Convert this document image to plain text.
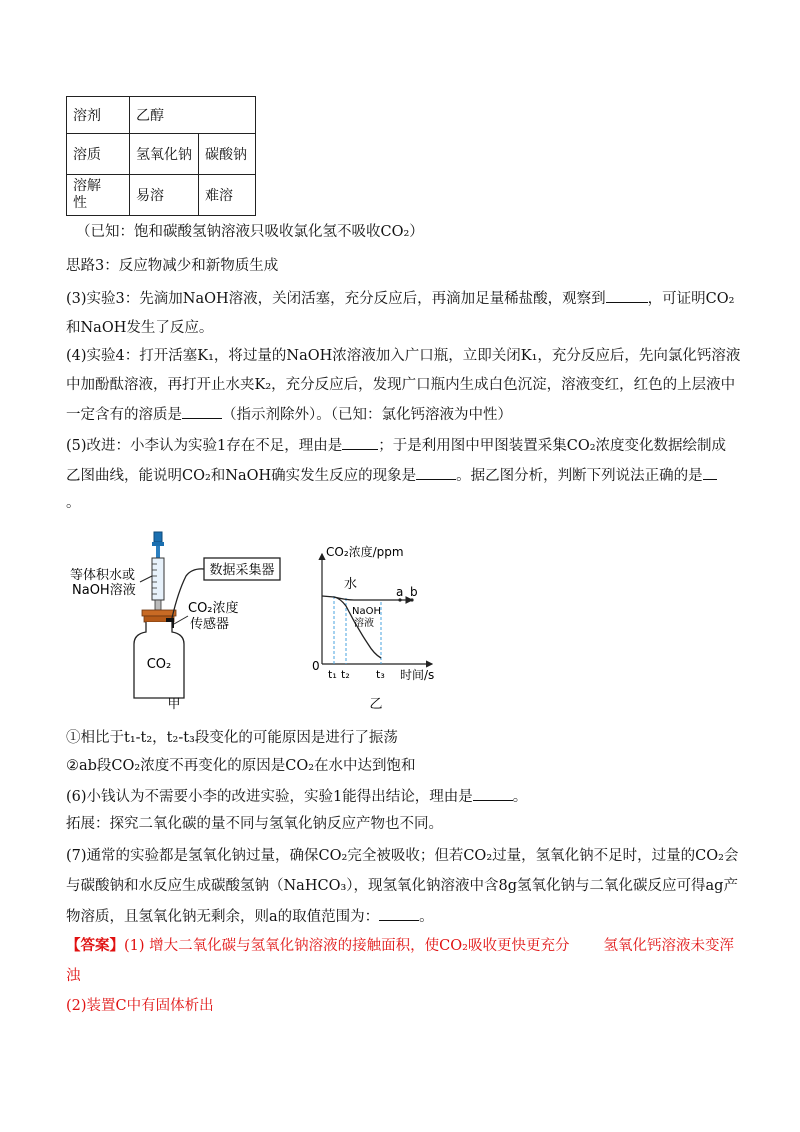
溶剂	乙醇	
溶质	氢氧化钠	碳酸钠

溶解性	易溶	难溶
（已知：饱和碳酸氢钠溶液只吸收氯化氢不吸收CO₂）
思路3：反应物减少和新物质生成
(3)实验3：先滴加NaOH溶液，关闭活塞，充分反应后，再滴加足量稀盐酸，观察到	，可证明CO₂
和NaOH发生了反应。
(4)实验4：打开活塞K₁，将过量的NaOH浓溶液加入广口瓶，立即关闭K₁，充分反应后，先向氯化钙溶液
中加酚酞溶液，再打开止水夹K₂，充分反应后，发现广口瓶内生成白色沉淀，溶液变红，红色的上层液中
一定含有的溶质是	（指示剂除外）。（已知：氯化钙溶液为中性）
(5)改进：小李认为实验1存在不足，理由是 ；于是利用图中甲图装置采集CO₂浓度变化数据绘制成
乙图曲线，能说明CO₂和NaOH确实发生反应的现象是	。据乙图分析，判断下列说法正确的是
。
数据采集器
等体积水或
NaOH溶液
CO₂浓度
传感器
CO₂
甲
CO₂浓度/ppm
时间/s
0
a b
水
NaOH
溶液
t₁ t₂ t₃
乙
①相比于t₁-t₂，t₂-t₃段变化的可能原因是进行了振荡
②ab段CO₂浓度不再变化的原因是CO₂在水中达到饱和
(6)小钱认为不需要小李的改进实验，实验1能得出结论，理由是	。
拓展：探究二氧化碳的量不同与氢氧化钠反应产物也不同。
(7)通常的实验都是氢氧化钠过量，确保CO₂完全被吸收；但若CO₂过量，氢氧化钠不足时，过量的CO₂会
与碳酸钠和水反应生成碳酸氢钠（NaHCO₃），现氢氧化钠溶液中含8g氢氧化钠与二氧化碳反应可得ag产
物溶质，且氢氧化钠无剩余，则a的取值范围为：	。
【答案】(1) 增大二氧化碳与氢氧化钠溶液的接触面积，使CO₂吸收更快更充分 氢氧化钙溶液未变浑
浊
(2)装置C中有固体析出
